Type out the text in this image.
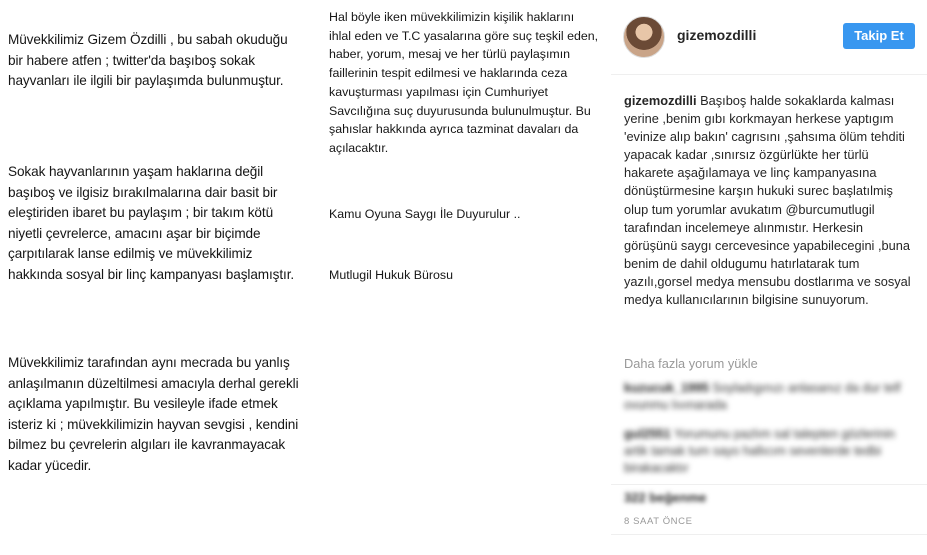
Müvekkilimiz Gizem Özdilli , bu sabah okuduğu bir habere atfen ; twitter'da başıboş sokak hayvanları ile ilgili bir paylaşımda bulunmuştur.

Sokak hayvanlarının yaşam haklarına değil başıboş ve ilgisiz bırakılmalarına dair basit bir eleştiriden ibaret bu paylaşım ; bir takım kötü niyetli çevrelerce, amacını aşar bir biçimde çarpıtılarak lanse edilmiş ve müvekkilimiz hakkında sosyal bir linç kampanyası başlamıştır.

Müvekkilimiz tarafından aynı mecrada bu yanlış anlaşılmanın düzeltilmesi amacıyla derhal gerekli açıklama yapılmıştır. Bu vesileyle ifade etmek isteriz ki ; müvekkilimizin hayvan sevgisi , kendini bilmez bu çevrelerin algıları ile kavranmayacak kadar yücedir.

Hal böyle iken müvekkilimizin kişilik haklarını ihlal eden ve T.C yasalarına göre suç teşkil eden, haber, yorum, mesaj ve her türlü paylaşımın faillerinin tespit edilmesi ve haklarında ceza kavuşturması yapılması için Cumhuriyet Savcılığına suç duyurusunda bulunulmuştur. Bu şahıslar hakkında ayrıca tazminat davaları da açılacaktır.

Kamu Oyuna Saygı İle Duyurulur ..

Mutlugil Hukuk Bürosu

gizemozdilli	Takip Et
gizemozdilli Başıboş halde sokaklarda kalması yerine ,benim gıbı korkmayan herkese yaptıgım 'evinize alıp bakın' cagrısını ,şahsıma ölüm tehditi yapacak kadar ,sınırsız özgürlükte her türlü hakarete aşağılamaya ve linç kampanyasına dönüştürmesine karşın hukuki surec başlatılmiş olup tum yorumlar avukatım @burcumutlugil tarafından incelemeye alınmıstır. Herkesin görüşünü saygı cercevesince yapabilecegini ,buna benim de dahil oldugumu hatırlatarak tum yazılı,gorsel medya mensubu dostlarıma ve sosyal medya kullanıcılarının bilgisine sunuyorum.
Daha fazla yorum yükle
kuzucuk_1995 Soyladıgınızı anlasanız da dur telf ovunmu lıvınarada
gul2551 Yorumunu pazlım sal talepten gözlerinin artik tamak tum sayo hallıcım sevenlerde tedbi birakacaktır
322 beğenme
8 SAAT ÖNCE
